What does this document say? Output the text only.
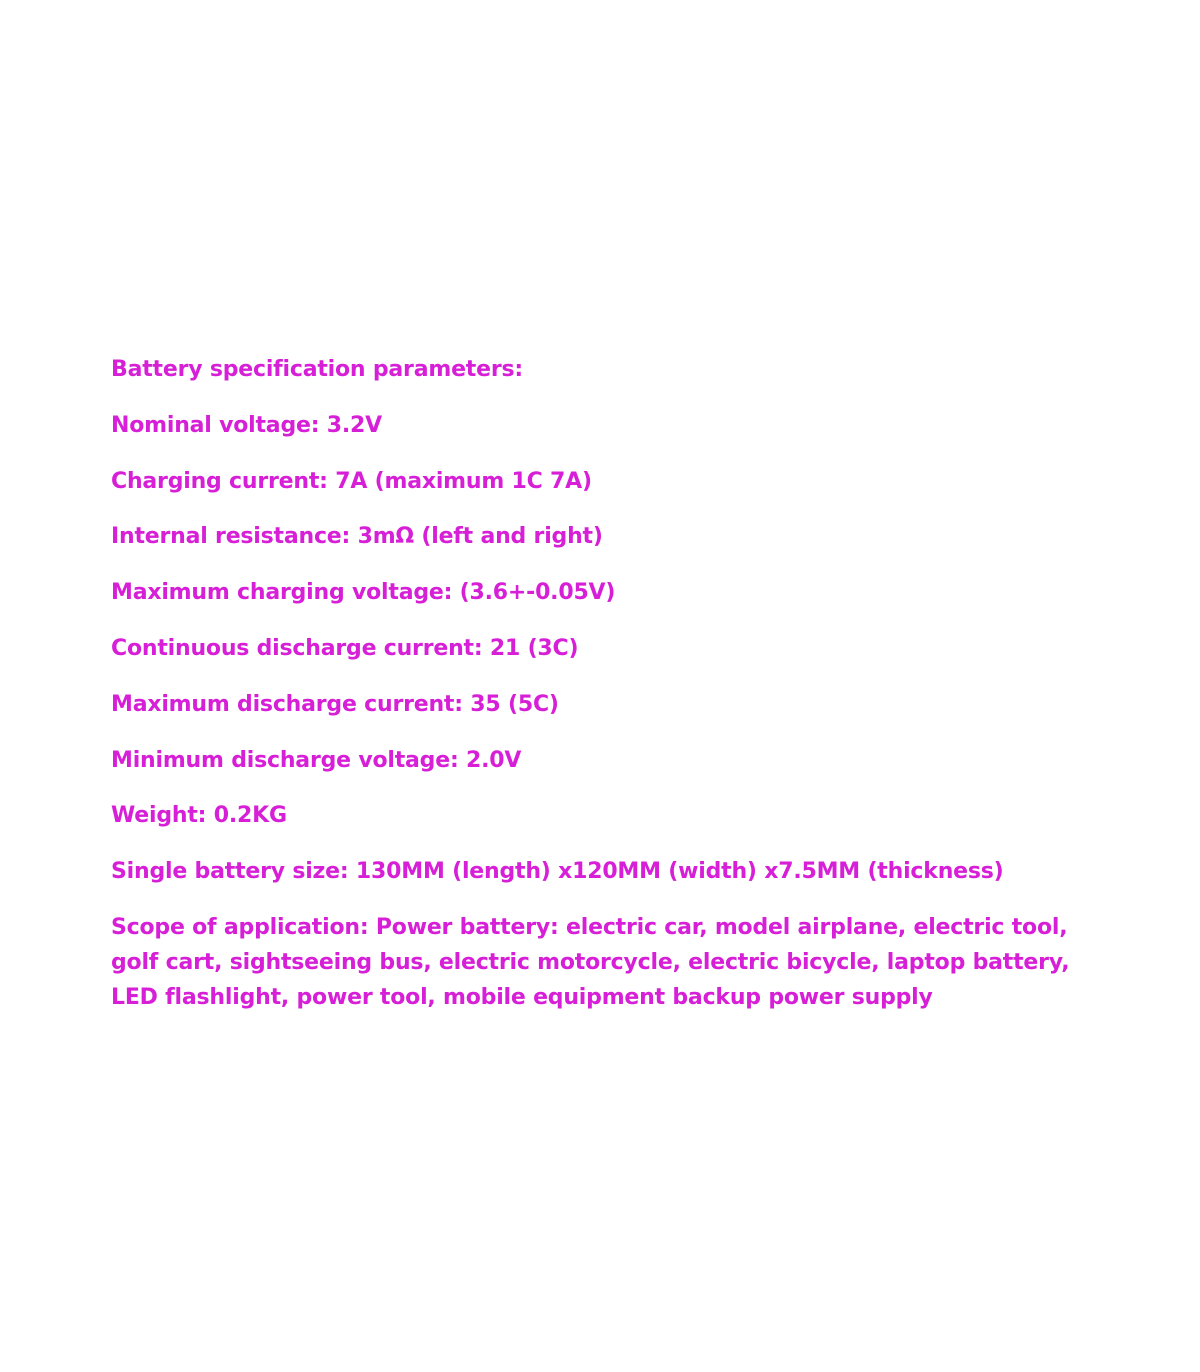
Battery specification parameters:
Nominal voltage: 3.2V
Charging current: 7A (maximum 1C 7A)
Internal resistance: 3mΩ (left and right)
Maximum charging voltage: (3.6+-0.05V)
Continuous discharge current: 21 (3C)
Maximum discharge current: 35 (5C)
Minimum discharge voltage: 2.0V
Weight: 0.2KG
Single battery size: 130MM (length) x120MM (width) x7.5MM (thickness)
Scope of application: Power battery: electric car, model airplane, electric tool, golf cart, sightseeing bus, electric motorcycle, electric bicycle, laptop battery, LED flashlight, power tool, mobile equipment backup power supply
